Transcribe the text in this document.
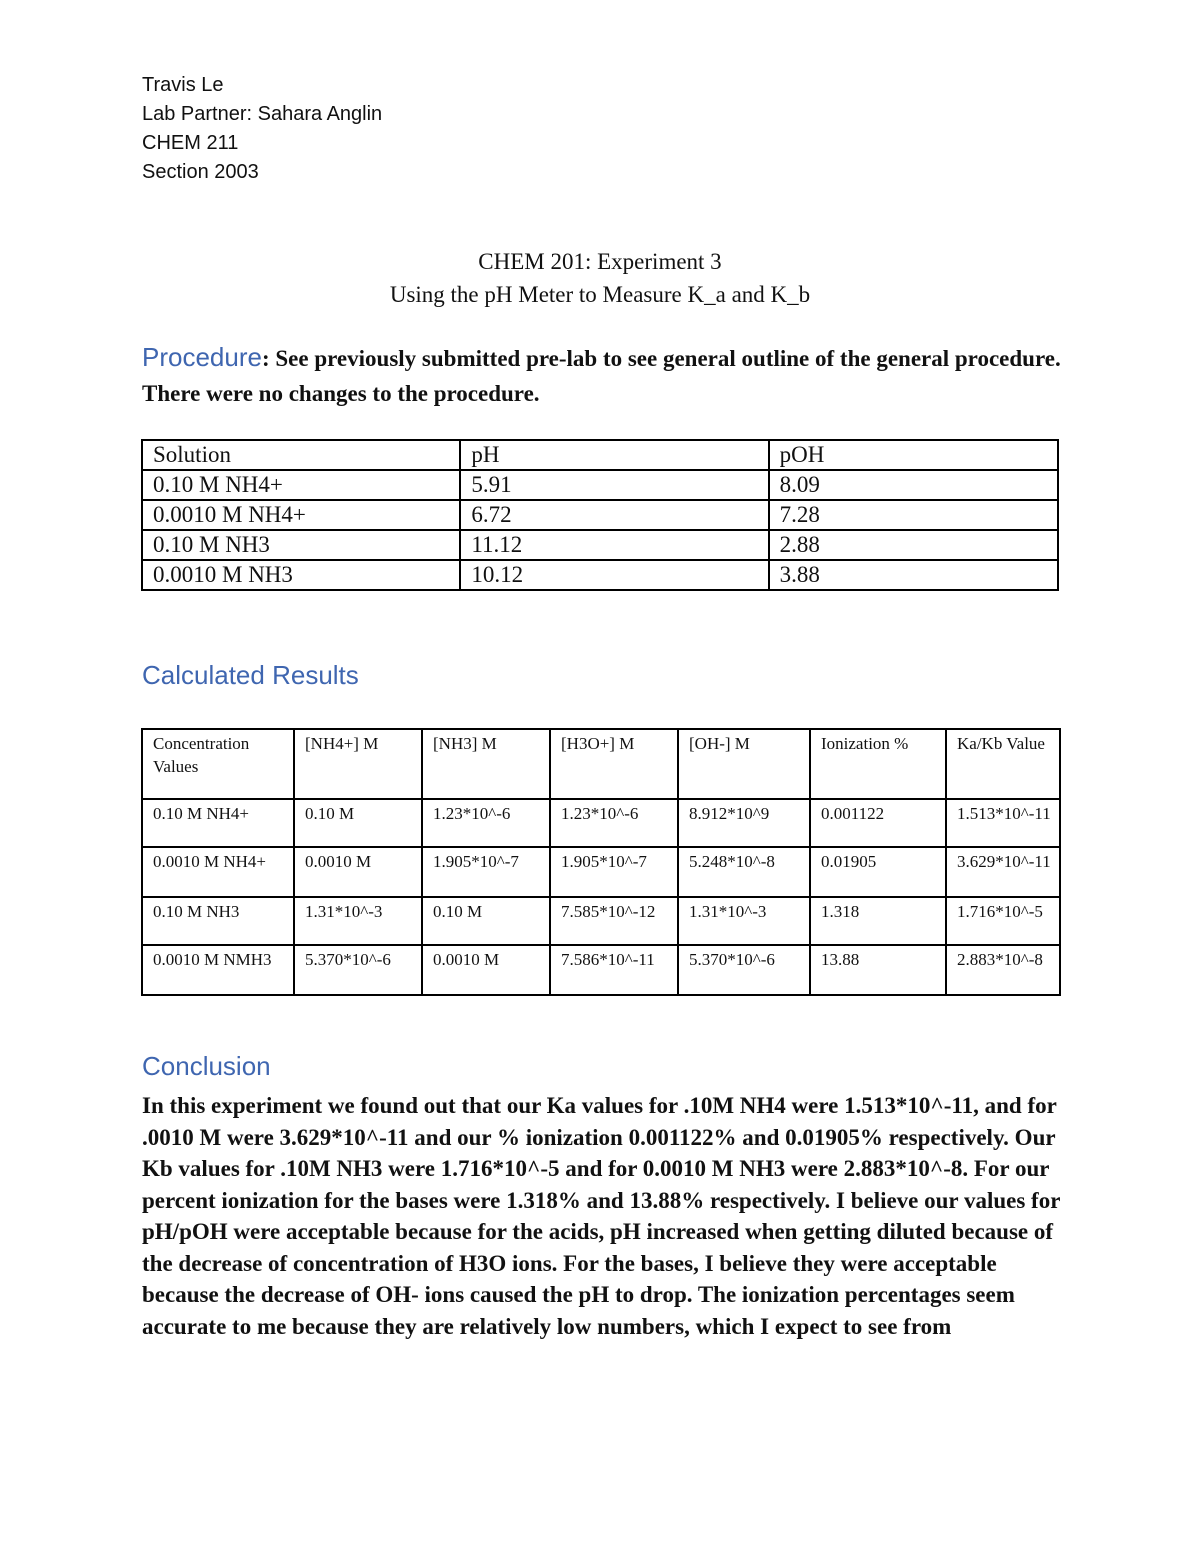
Travis Le
Lab Partner: Sahara Anglin
CHEM 211
Section 2003
CHEM 201: Experiment 3
Using the pH Meter to Measure K_a and K_b
Procedure: See previously submitted pre-lab to see general outline of the general procedure. There were no changes to the procedure.
Solution	pH	pOH
0.10 M NH4+	5.91	8.09
0.0010 M NH4+	6.72	7.28
0.10 M NH3	11.12	2.88
0.0010 M NH3	10.12	3.88
Calculated Results
Concentration Values	[NH4+] M	[NH3] M	[H3O+] M	[OH-] M	Ionization %	Ka/Kb Value
0.10 M NH4+	0.10 M	1.23*10^-6	1.23*10^-6	8.912*10^9	0.001122	1.513*10^-11
0.0010 M NH4+	0.0010 M	1.905*10^-7	1.905*10^-7	5.248*10^-8	0.01905	3.629*10^-11
0.10 M NH3	1.31*10^-3	0.10 M	7.585*10^-12	1.31*10^-3	1.318	1.716*10^-5
0.0010 M NMH3	5.370*10^-6	0.0010 M	7.586*10^-11	5.370*10^-6	13.88	2.883*10^-8
Conclusion
In this experiment we found out that our Ka values for .10M NH4 were 1.513*10^-11, and for .0010 M were 3.629*10^-11 and our % ionization 0.001122% and 0.01905% respectively. Our Kb values for .10M NH3 were 1.716*10^-5 and for 0.0010 M NH3 were 2.883*10^-8. For our percent ionization for the bases were 1.318% and 13.88% respectively. I believe our values for pH/pOH were acceptable because for the acids, pH increased when getting diluted because of the decrease of concentration of H3O ions. For the bases, I believe they were acceptable because the decrease of OH- ions caused the pH to drop. The ionization percentages seem accurate to me because they are relatively low numbers, which I expect to see from
